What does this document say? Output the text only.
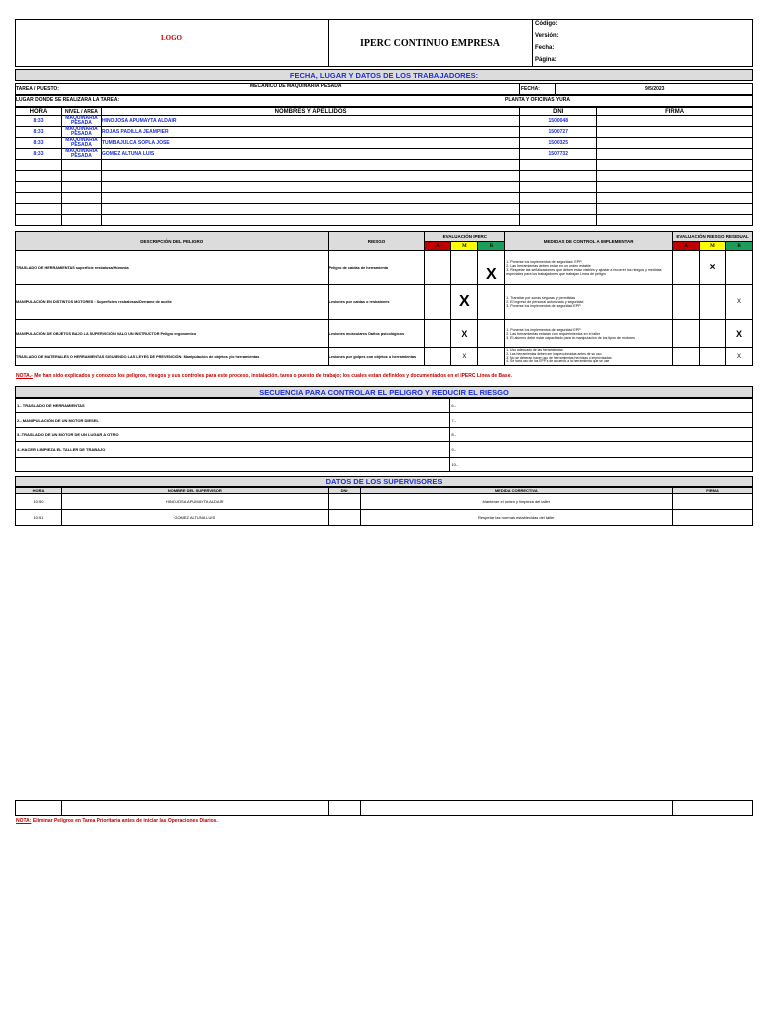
LOGO	IPERC CONTINUO EMPRESA
Código:
Versión:
Fecha:
Página:
FECHA, LUGAR Y DATOS DE LOS TRABAJADORES:
TAREA / PUESTO:	MECANICO DE MAQUINARIA PESADA	FECHA:	9/5/2023
LUGAR DONDE SE REALIZARA LA TAREA:	PLANTA Y OFICINAS YURA
HORA	NIVEL / AREA	NOMBRES Y APELLIDOS	DNI	FIRMA
8:33	MAQUINARIA PESADA	HINOJOSA APUMAYTA ALDAIR	1500048	
8:33	MAQUINARIA PESADA	ROJAS PADILLA JEAMPIER	1500727	
8:33	MAQUINARIA PESADA	TUMBAJULCA SOPLA JOSE	1500325	
8:33	MAQUINARIA PESADA	GOMEZ ALTUNA LUIS	1507732	

DESCRIPCIÓN DEL PELIGRO	RIESGO	EVALUACIÓN IPERC			MEDIDAS DE CONTROL A IMPLEMENTAR	EVALUACIÓN RIESGO RESIDUAL		
		A	M	B		A	M	B
TRASLADO DE HERRAMIENTAS superficie resbalosa/Húmeda	Peligro de caídas de herramienta			X	1. Ponerse los implementos de seguridad: EPP
2. Las herramientas deben estar en un orden estable
3. Respetar las señalizaciones que deben estar visibles y ajustar a recorrer los riesgos y medidas especiales para los trabajadores que trabajan Línea de peligro		×	
MANIPULACIÓN EN DISTINTOS MOTORES : Superficies resbalosas/Derrame de aceite	Lesiones por caídas o resbalones		X		1. Transitar por zonas seguras y permitidas
2. El ingreso de personal autorizado y seguridad
3. Ponerse los implementos de seguridad EPP			X
MANIPULACIÓN DE OBJETOS BAJO LA SUPERVICIÓN VALO UN INSTRUCTOR Peligro ergonomico	Lesiones musculares Daños psicológicos		X		1. Ponerse los implementos de seguridad EPP
2. Las herramientas estarán con requerimientos en el taller
3. El alumno debe estar capacitado para la manipulación de los tipos de motores			X
TRASLADO DE MATERIALES O HERRAMIENTAS SIGUIENDO LAS LEYES DE PREVENCIÓN: Manipulación de objetos y/o herramientas	Lesiones por golpes con objetos o herramientas		X		1. Uso adecuado de las herramientas
2. Las herramientas deben ser inspeccionadas antes de su uso
3. No se deberán hacer uso de herramientas hechizas o improvisadas
4. Se hará uso de los EPP's de acuerdo a la herramienta que se use			X
NOTA.- Me han sido explicados y conozco los peligros, riesgos y sus controles para este proceso, instalación, tarea o puesto de trabajo; los cuales estan definidos y documentados en el IPERC Línea de Base.
SECUENCIA PARA CONTROLAR EL PELIGRO Y REDUCIR EL RIESGO
1.- TRASLADO DE HERRAMIENTAS	6.-
2.- MANIPULACIÓN DE UN MOTOR DIESEL	7.-
3.-TRASLADO DE UN MOTOR DE UN LUGAR A OTRO	8.-
4.-HACER LIMPIEZA EL TALLER DE TRABAJO	9.-
	10.-
DATOS DE LOS SUPERVISORES
HORA	NOMBRE DEL SUPERVISOR	DNI	MEDIDA CORRECTIVA	FIRMA
10:50	HINOJOSA APUMAYTA ALDAIR		Mantener el orden y limpieza del taller	
10:51	GOMEZ ALTUNA LUIS		Respetar las normas establecidas del taller	

NOTA: Eliminar Peligros en Tarea Prioritaria antes de iniciar las Operaciones Diarios.
